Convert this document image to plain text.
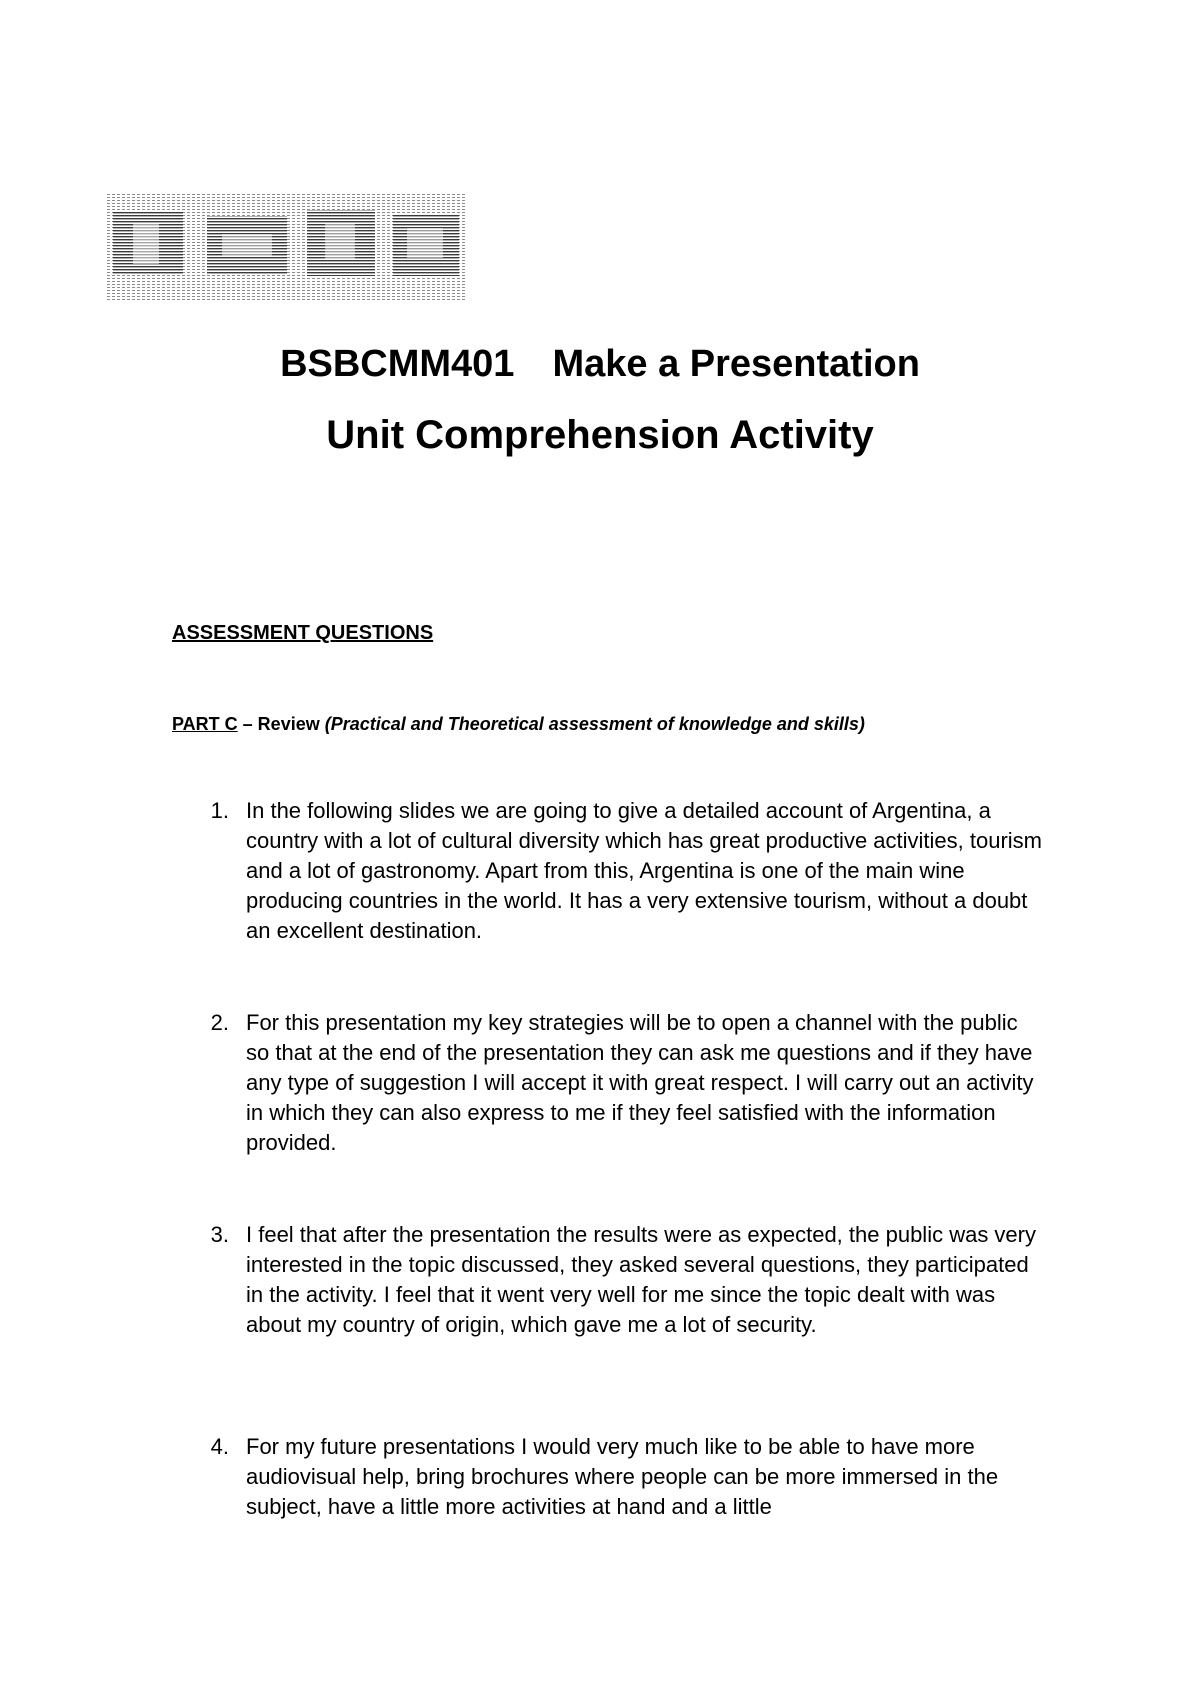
BSBCMM401 Make a Presentation
Unit Comprehension Activity
ASSESSMENT QUESTIONS
PART C – Review (Practical and Theoretical assessment of knowledge and skills)
1. In the following slides we are going to give a detailed account of Argentina, a country with a lot of cultural diversity which has great productive activities, tourism and a lot of gastronomy. Apart from this, Argentina is one of the main wine producing countries in the world. It has a very extensive tourism, without a doubt an excellent destination.
2. For this presentation my key strategies will be to open a channel with the public so that at the end of the presentation they can ask me questions and if they have any type of suggestion I will accept it with great respect. I will carry out an activity in which they can also express to me if they feel satisfied with the information provided.
3. I feel that after the presentation the results were as expected, the public was very interested in the topic discussed, they asked several questions, they participated in the activity. I feel that it went very well for me since the topic dealt with was about my country of origin, which gave me a lot of security.
4. For my future presentations I would very much like to be able to have more audiovisual help, bring brochures where people can be more immersed in the subject, have a little more activities at hand and a little
